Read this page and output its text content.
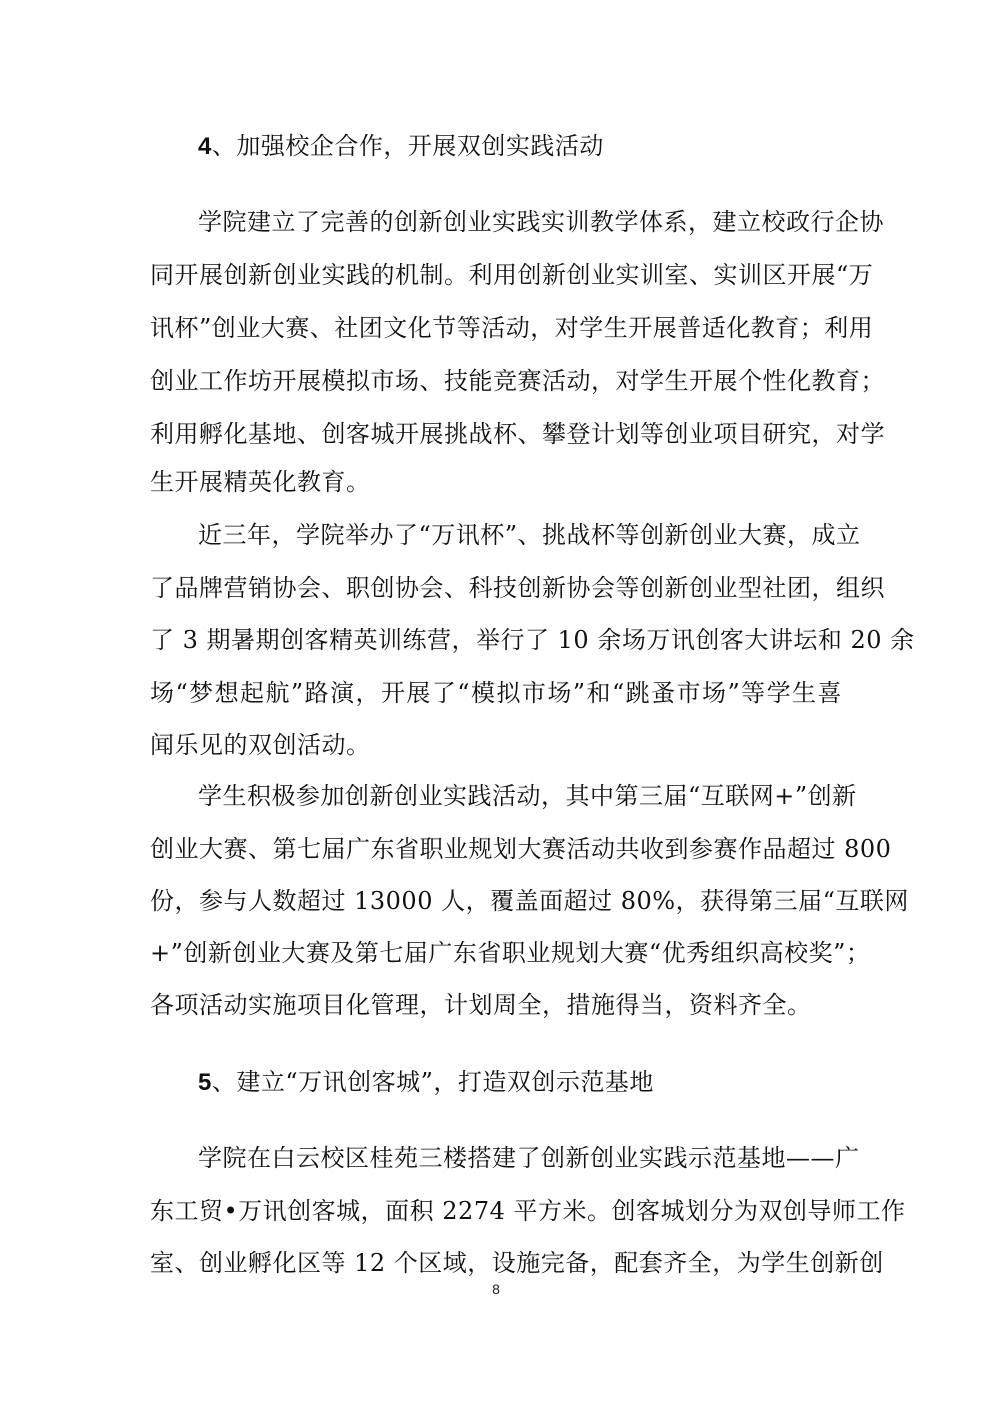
4、加强校企合作，开展双创实践活动
学院建立了完善的创新创业实践实训教学体系，建立校政行企协
同开展创新创业实践的机制。利用创新创业实训室、实训区开展“万
讯杯”创业大赛、社团文化节等活动，对学生开展普适化教育；利用
创业工作坊开展模拟市场、技能竞赛活动，对学生开展个性化教育；
利用孵化基地、创客城开展挑战杯、攀登计划等创业项目研究，对学
生开展精英化教育。
近三年，学院举办了“万讯杯”、挑战杯等创新创业大赛，成立
了品牌营销协会、职创协会、科技创新协会等创新创业型社团，组织
了 3 期暑期创客精英训练营，举行了 10 余场万讯创客大讲坛和 20 余
场“梦想起航”路演，开展了“模拟市场”和“跳蚤市场”等学生喜
闻乐见的双创活动。
学生积极参加创新创业实践活动，其中第三届“互联网+”创新
创业大赛、第七届广东省职业规划大赛活动共收到参赛作品超过 800
份，参与人数超过 13000 人，覆盖面超过 80%，获得第三届“互联网
+”创新创业大赛及第七届广东省职业规划大赛“优秀组织高校奖”；
各项活动实施项目化管理，计划周全，措施得当，资料齐全。
5、建立“万讯创客城”，打造双创示范基地
学院在白云校区桂苑三楼搭建了创新创业实践示范基地——广
东工贸•万讯创客城，面积 2274 平方米。创客城划分为双创导师工作
室、创业孵化区等 12 个区域，设施完备，配套齐全，为学生创新创
8
